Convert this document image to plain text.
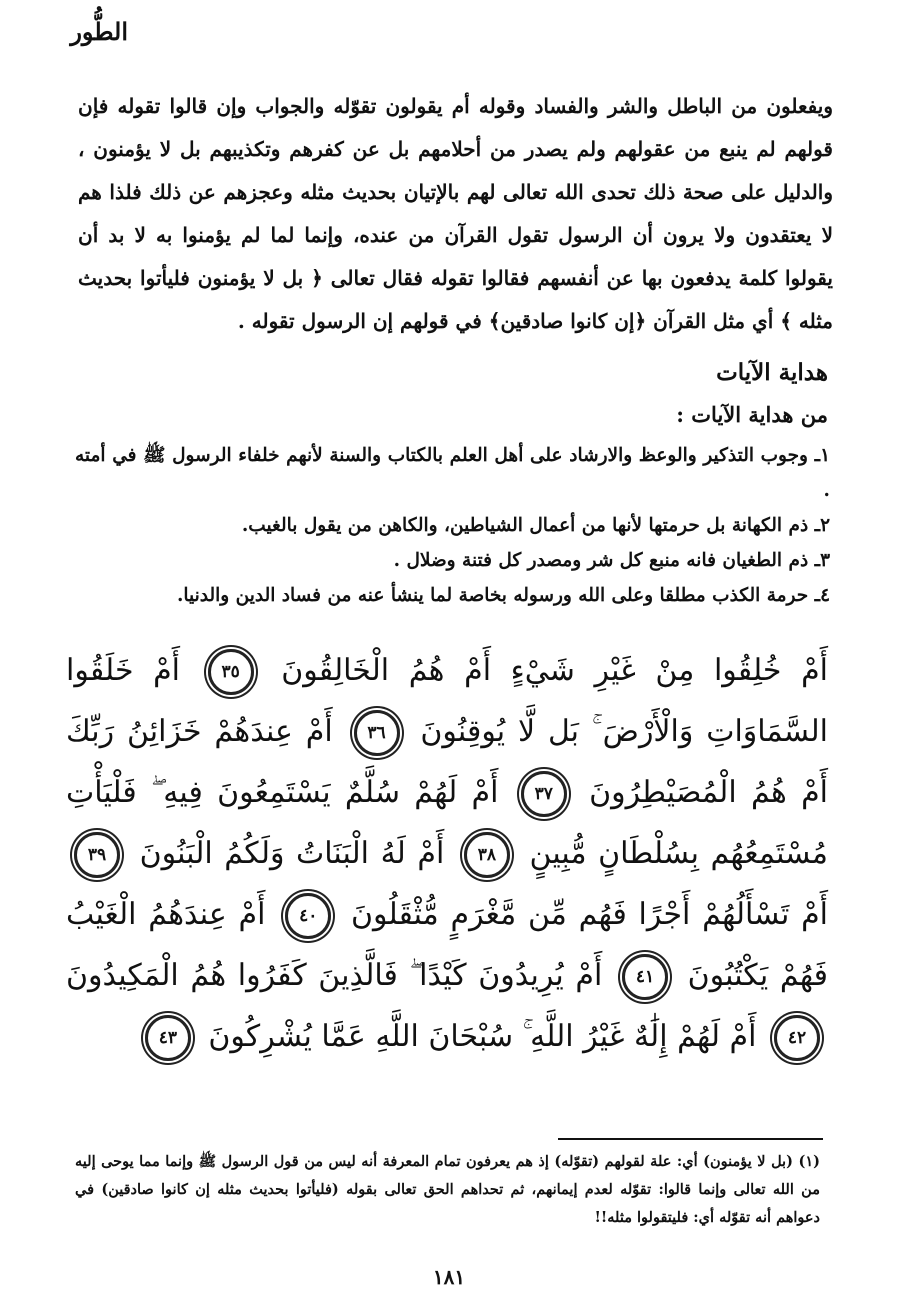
الطُّور

ويفعلون من الباطل والشر والفساد وقوله أم يقولون تقوّله والجواب وإن قالوا تقوله فإن قولهم لم ينبع من عقولهم ولم يصدر من أحلامهم بل عن كفرهم وتكذيبهم بل لا يؤمنون ، والدليل على صحة ذلك تحدى الله تعالى لهم بالإتيان بحديث مثله وعجزهم عن ذلك فلذا هم لا يعتقدون ولا يرون أن الرسول تقول القرآن من عنده، وإنما لما لم يؤمنوا به لا بد أن يقولوا كلمة يدفعون بها عن أنفسهم فقالوا تقوله فقال تعالى ﴿ بل لا يؤمنون فليأتوا بحديث مثله ﴾ أي مثل القرآن ﴿إن كانوا صادقين﴾ في قولهم إن الرسول تقوله .

هداية الآيات
من هداية الآيات :
١ـ وجوب التذكير والوعظ والارشاد على أهل العلم بالكتاب والسنة لأنهم خلفاء الرسول ﷺ في أمته .
٢ـ ذم الكهانة بل حرمتها لأنها من أعمال الشياطين، والكاهن من يقول بالغيب.
٣ـ ذم الطغيان فانه منبع كل شر ومصدر كل فتنة وضلال .
٤ـ حرمة الكذب مطلقا وعلى الله ورسوله بخاصة لما ينشأ عنه من فساد الدين والدنيا.

أَمْ خُلِقُوا مِنْ غَيْرِ شَيْءٍ أَمْ هُمُ الْخَالِقُونَ ٣٥ أَمْ خَلَقُوا السَّمَاوَاتِ وَالْأَرْضَ ۚ بَل لَّا يُوقِنُونَ ٣٦ أَمْ عِندَهُمْ خَزَائِنُ رَبِّكَ أَمْ هُمُ الْمُصَيْطِرُونَ ٣٧ أَمْ لَهُمْ سُلَّمٌ يَسْتَمِعُونَ فِيهِ ۖ فَلْيَأْتِ مُسْتَمِعُهُم بِسُلْطَانٍ مُّبِينٍ ٣٨ أَمْ لَهُ الْبَنَاتُ وَلَكُمُ الْبَنُونَ ٣٩ أَمْ تَسْأَلُهُمْ أَجْرًا فَهُم مِّن مَّغْرَمٍ مُّثْقَلُونَ ٤٠ أَمْ عِندَهُمُ الْغَيْبُ فَهُمْ يَكْتُبُونَ ٤١ أَمْ يُرِيدُونَ كَيْدًا ۖ فَالَّذِينَ كَفَرُوا هُمُ الْمَكِيدُونَ ٤٢ أَمْ لَهُمْ إِلَٰهٌ غَيْرُ اللَّهِ ۚ سُبْحَانَ اللَّهِ عَمَّا يُشْرِكُونَ ٤٣

(١) (بل لا يؤمنون) أي: علة لقولهم (تقوّله) إذ هم يعرفون تمام المعرفة أنه ليس من قول الرسول ﷺ وإنما مما يوحى إليه من الله تعالى وإنما قالوا: تقوّله لعدم إيمانهم، ثم تحداهم الحق تعالى بقوله (فليأتوا بحديث مثله إن كانوا صادقين) في دعواهم أنه تقوّله أي: فليتقولوا مثله!!

١٨١
